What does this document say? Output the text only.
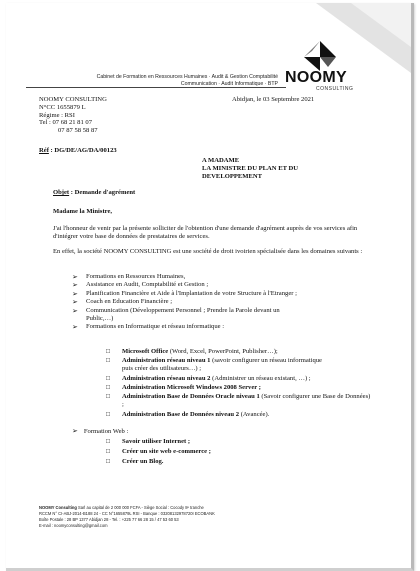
Cabinet de Formation en Ressources Humaines · Audit & Gestion Comptabilité
Communication · Audit Informatique · BTP NOOMY
CONSULTING
NOOMY CONSULTING
N°CC 1655879 L
Régime : RSI
Tel : 07 68 21 81 07
07 87 58 58 87
Abidjan, le 03 Septembre 2021
Réf : DG/DE/AG/DA/00123
A MADAME
LA MINISTRE DU PLAN ET DU
DEVELOPPEMENT
Objet : Demande d'agrément
Madame la Ministre,
J'ai l'honneur de venir par la présente solliciter de l'obtention d'une demande d'agrément auprès de vos services afin d'intégrer votre base de données de prestataires de services.
En effet, la société NOOMY CONSULTING est une société de droit ivoirien spécialisée dans les domaines suivants :
➢ Formations en Ressources Humaines,
➢ Assistance en Audit, Comptabilité et Gestion ;
➢ Planification Financière et Aide à l'Implantation de votre Structure à l'Etranger ;
➢ Coach en Education Financière ;
➢ Communication (Développement Personnel ; Prendre la Parole devant un Public,…)
➢ Formations en Informatique et réseau informatique :
□ Microsoft Office (Word, Excel, PowerPoint, Publisher…);
□ Administration réseau niveau 1 (savoir configurer un réseau informatique puis créer des utilisateurs…) ;
□ Administration réseau niveau 2 (Administrer un réseau existant, …) ;
□ Administration Microsoft Windows 2008 Server ;
□ Administration Base de Données Oracle niveau 1 (Savoir configurer une Base de Données) ;
□ Administration Base de Données niveau 2 (Avancée).
➢ Formation Web :
□ Savoir utiliser Internet ;
□ Créer un site web e-commerce ;
□ Créer un Blog.
NOOMY Consulting Sarl au capital de 2 000 000 FCFA - Siège Social : Cocody 8ᵉ tranche
RCCM N° CI-ABJ-2014-B188 24 - CC N°1655879L RSI - Banque : 03208132978720I ECOBANK
Boîte Postale : 28 BP 1377 Abidjan 28 - Tel. : +225 77 66 28 15 / 47 53 60 53
E-mail : noomyconsulting@gmail.com
